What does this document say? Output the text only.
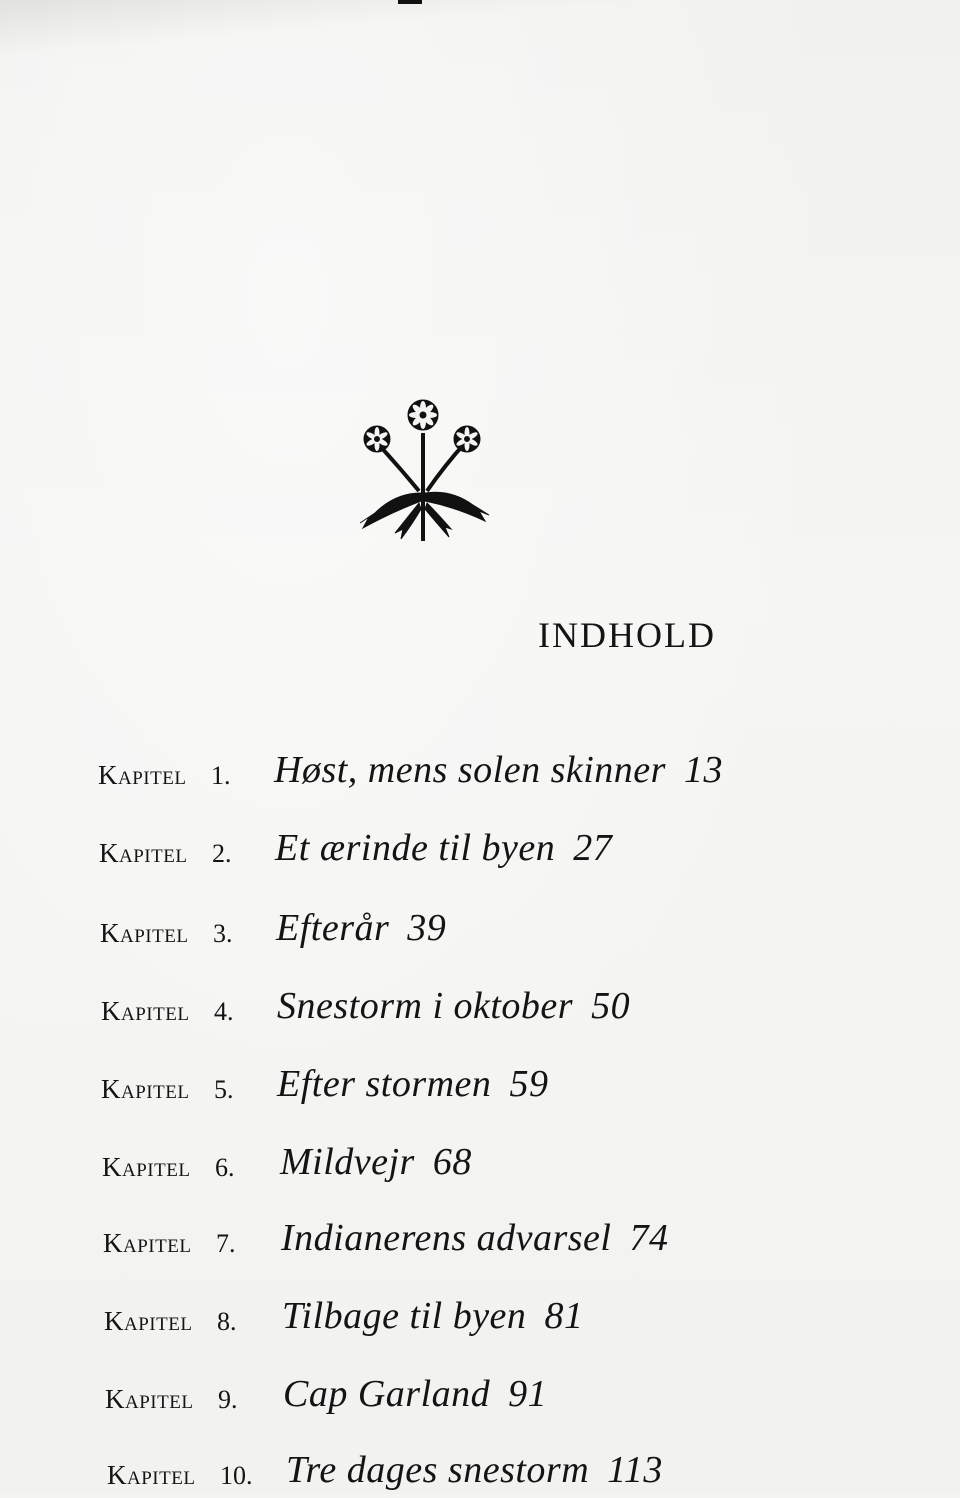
INDHOLD
Kapitel 1. Høst, mens solen skinner 13
Kapitel 2. Et ærinde til byen 27
Kapitel 3. Efterår 39
Kapitel 4. Snestorm i oktober 50
Kapitel 5. Efter stormen 59
Kapitel 6. Mildvejr 68
Kapitel 7. Indianerens advarsel 74
Kapitel 8. Tilbage til byen 81
Kapitel 9. Cap Garland 91
Kapitel 10. Tre dages snestorm 113
